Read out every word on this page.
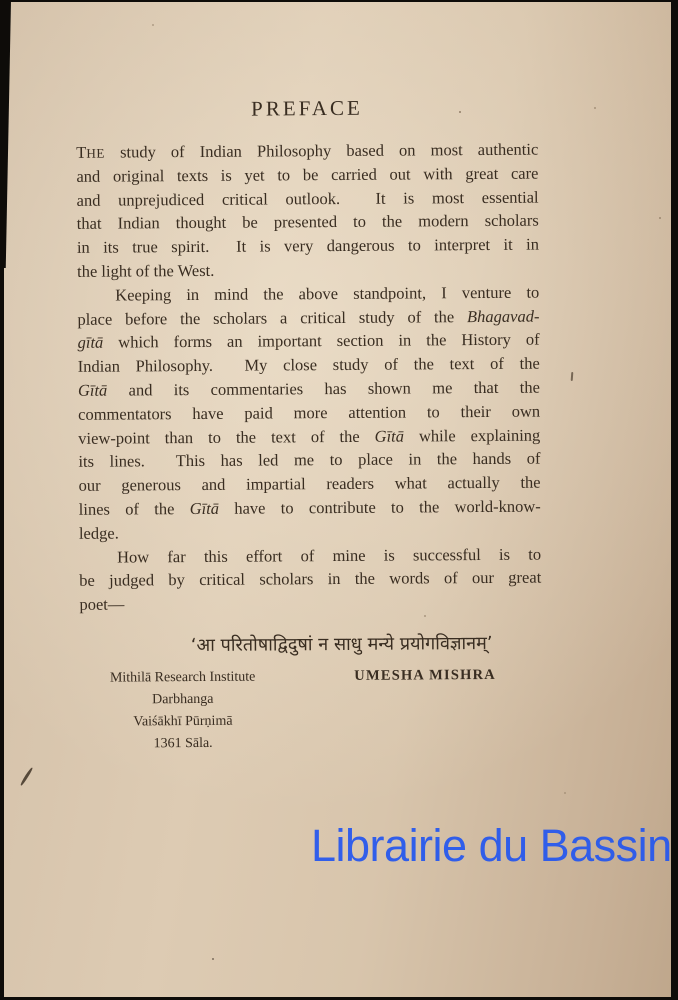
PREFACE
THE study of Indian Philosophy based on most authentic
and original texts is yet to be carried out with great care
and unprejudiced critical outlook.  It is most essential
that Indian thought be presented to the modern scholars
in its true spirit.  It is very dangerous to interpret it in
the light of the West.
Keeping in mind the above standpoint, I venture to
place before the scholars a critical study of the Bhagavad-
gītā which forms an important section in the History of
Indian Philosophy.  My close study of the text of the
Gītā and its commentaries has shown me that the
commentators have paid more attention to their own
view-point than to the text of the Gītā while explaining
its lines.  This has led me to place in the hands of
our generous and impartial readers what actually the
lines of the Gītā have to contribute to the world-know-
ledge.
How far this effort of mine is successful is to
be judged by critical scholars in the words of our great
poet—
‘आ परितोषाद्विदुषां न साधु मन्ये प्रयोगविज्ञानम्’
Mithilā Research Institute
Darbhanga
Vaiśākhī Pūrṇimā
1361 Sāla.
UMESHA MISHRA
Librairie du Bassin
